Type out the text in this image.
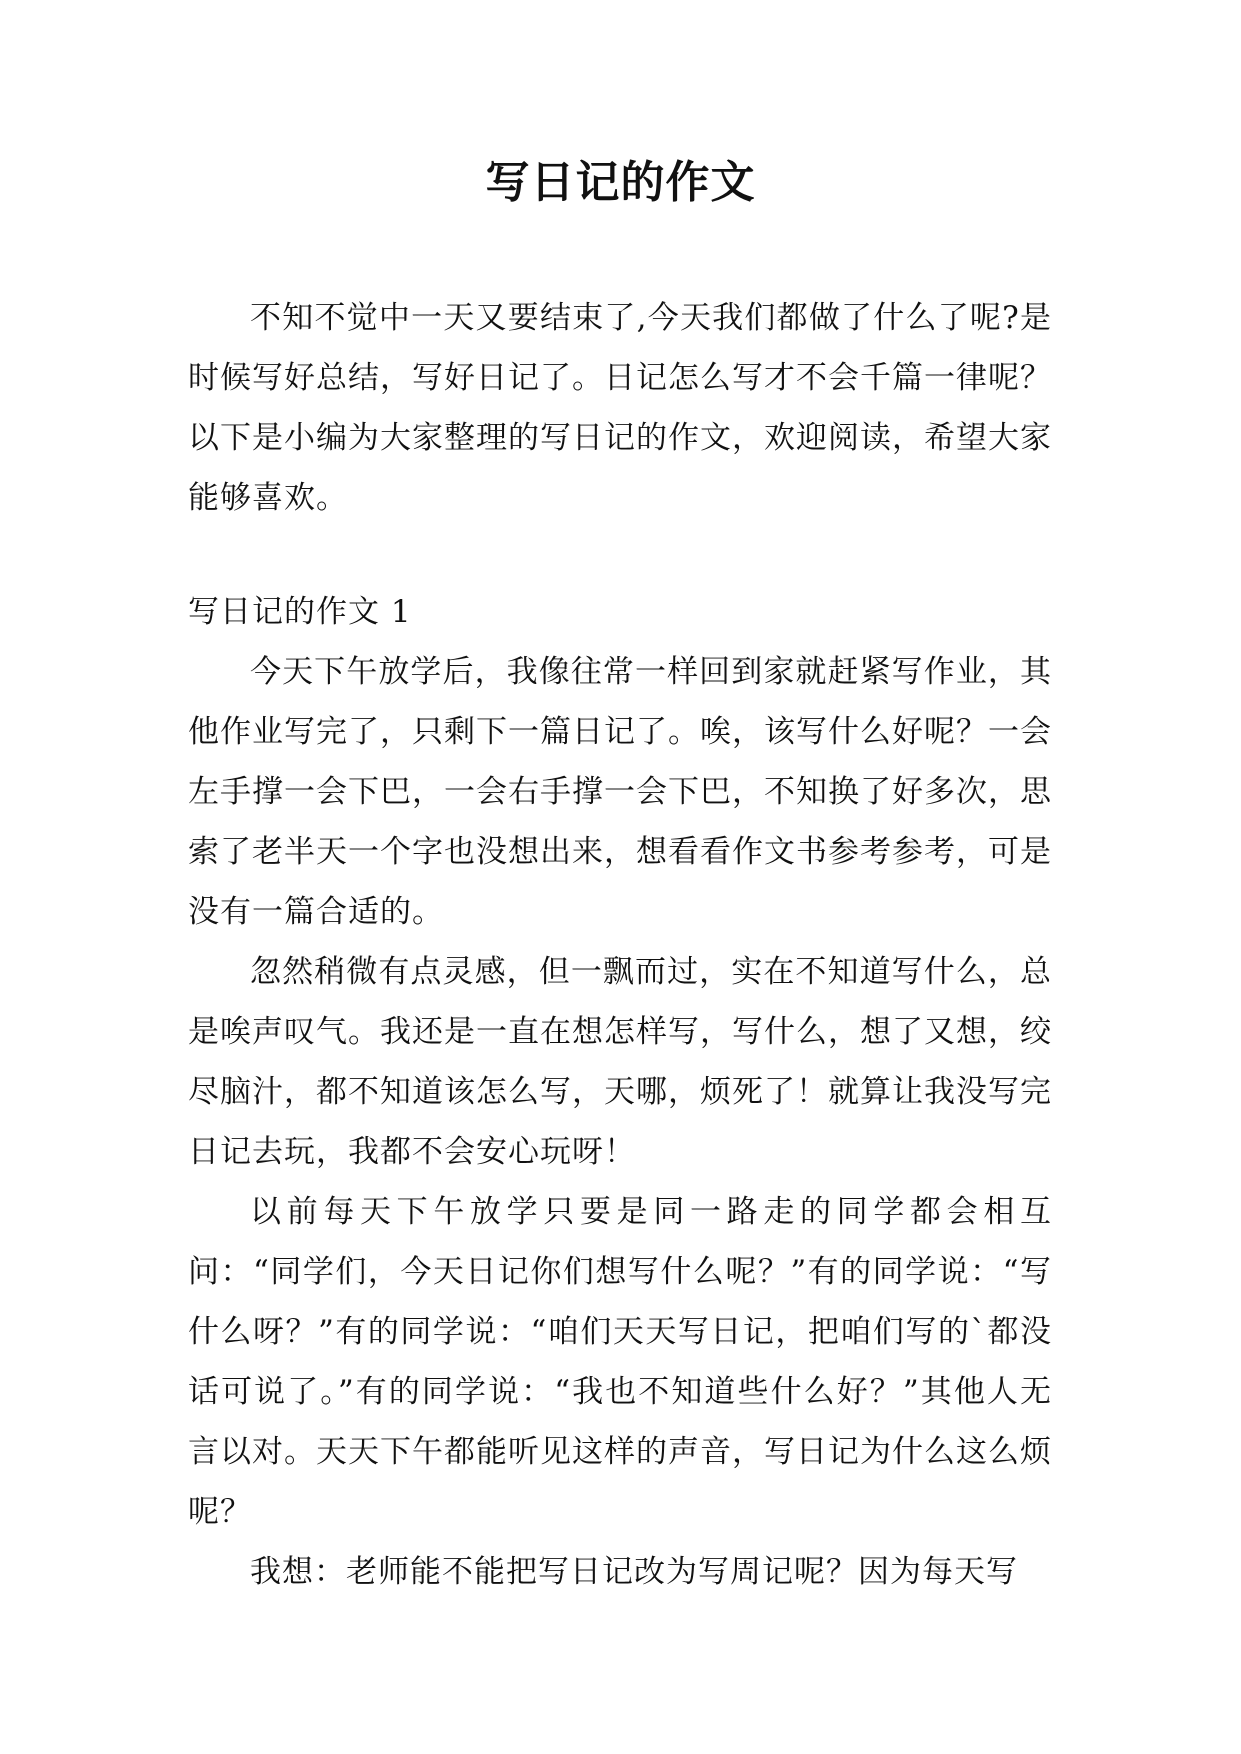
写日记的作文

不知不觉中一天又要结束了,今天我们都做了什么了呢?是时候写好总结，写好日记了。日记怎么写才不会千篇一律呢？以下是小编为大家整理的写日记的作文，欢迎阅读，希望大家能够喜欢。

写日记的作文 1

今天下午放学后，我像往常一样回到家就赶紧写作业，其他作业写完了，只剩下一篇日记了。唉，该写什么好呢？一会左手撑一会下巴，一会右手撑一会下巴，不知换了好多次，思索了老半天一个字也没想出来，想看看作文书参考参考，可是没有一篇合适的。

忽然稍微有点灵感，但一飘而过，实在不知道写什么，总是唉声叹气。我还是一直在想怎样写，写什么，想了又想，绞尽脑汁，都不知道该怎么写，天哪，烦死了！就算让我没写完日记去玩，我都不会安心玩呀！

以前每天下午放学只要是同一路走的同学都会相互问：“同学们，今天日记你们想写什么呢？”有的同学说：“写什么呀？”有的同学说：“咱们天天写日记，把咱们写的`都没话可说了。”有的同学说：“我也不知道些什么好？”其他人无言以对。天天下午都能听见这样的声音，写日记为什么这么烦呢？

我想：老师能不能把写日记改为写周记呢？因为每天写
